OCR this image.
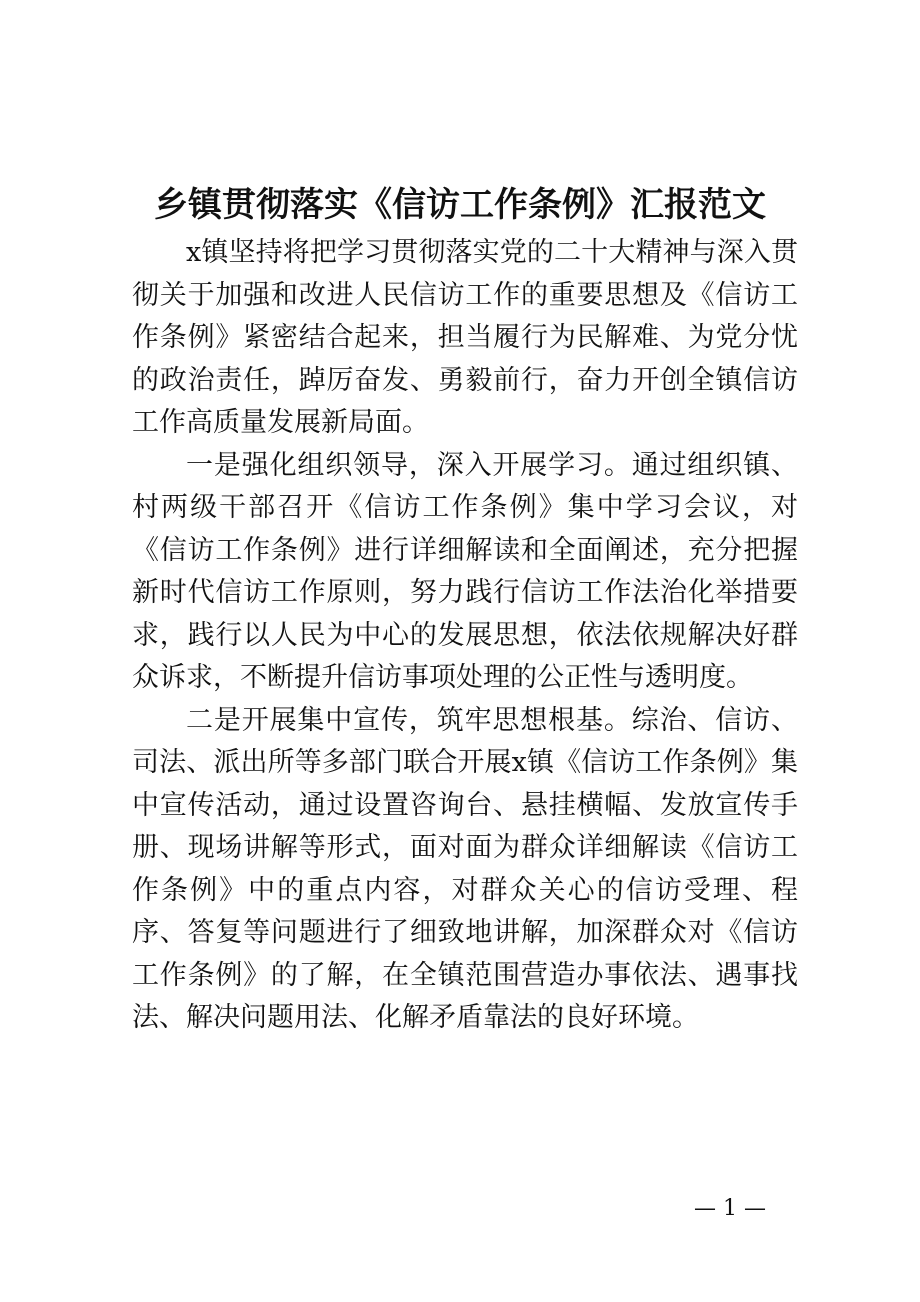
乡镇贯彻落实《信访工作条例》汇报范文

x镇坚持将把学习贯彻落实党的二十大精神与深入贯彻关于加强和改进人民信访工作的重要思想及《信访工作条例》紧密结合起来，担当履行为民解难、为党分忧的政治责任，踔厉奋发、勇毅前行，奋力开创全镇信访工作高质量发展新局面。

一是强化组织领导，深入开展学习。通过组织镇、村两级干部召开《信访工作条例》集中学习会议，对《信访工作条例》进行详细解读和全面阐述，充分把握新时代信访工作原则，努力践行信访工作法治化举措要求，践行以人民为中心的发展思想，依法依规解决好群众诉求，不断提升信访事项处理的公正性与透明度。

二是开展集中宣传，筑牢思想根基。综治、信访、司法、派出所等多部门联合开展x镇《信访工作条例》集中宣传活动，通过设置咨询台、悬挂横幅、发放宣传手册、现场讲解等形式，面对面为群众详细解读《信访工作条例》中的重点内容，对群众关心的信访受理、程序、答复等问题进行了细致地讲解，加深群众对《信访工作条例》的了解，在全镇范围营造办事依法、遇事找法、解决问题用法、化解矛盾靠法的良好环境。

— 1 —
